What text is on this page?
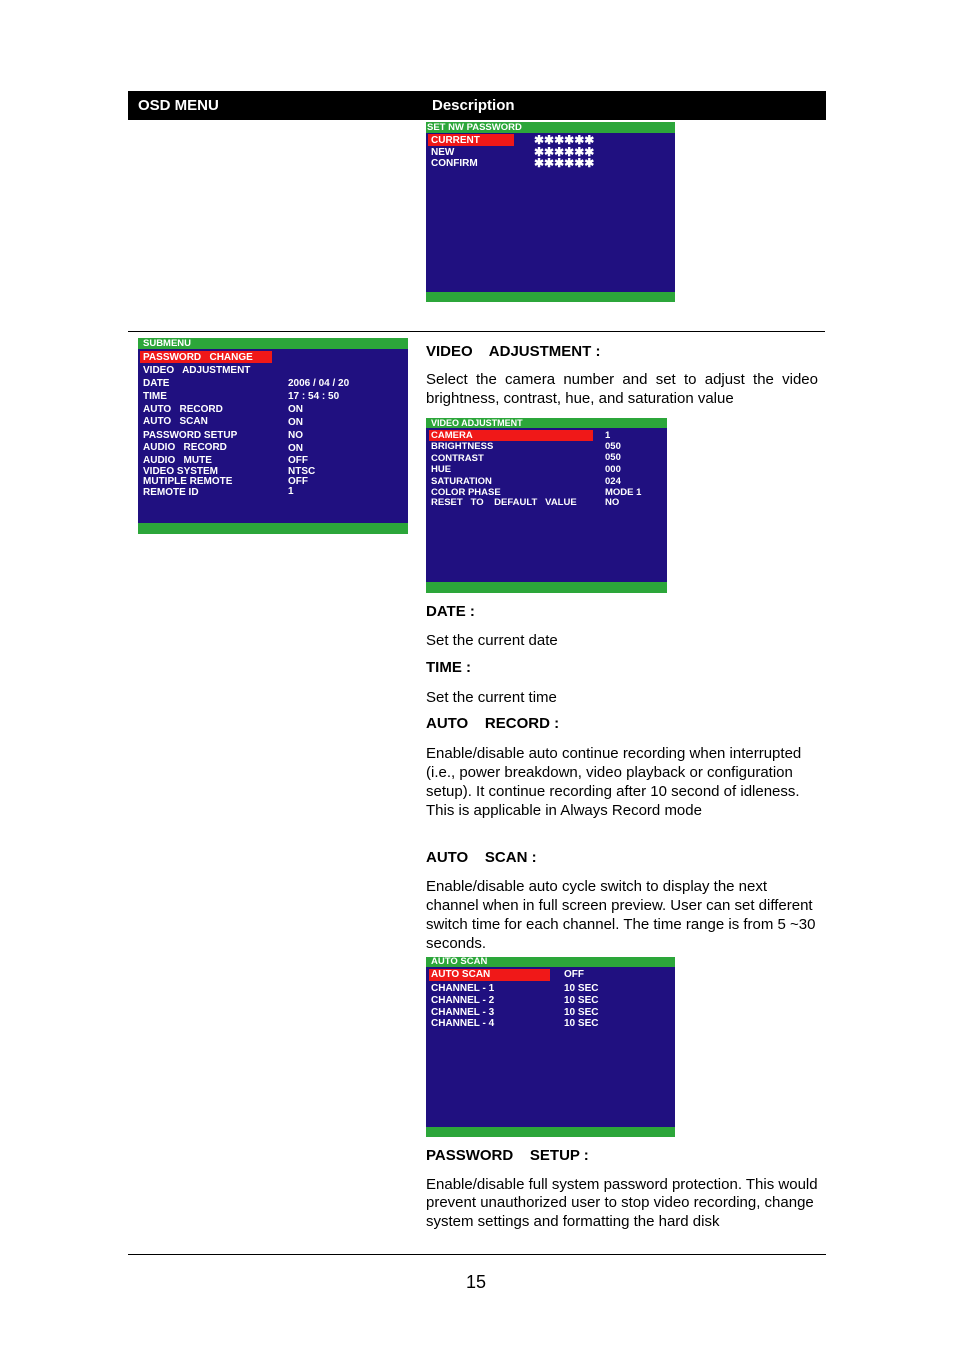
OSD MENU	Description
SET NW PASSWORD
CURRENT	✱✱✱✱✱✱
NEW	✱✱✱✱✱✱
CONFIRM	✱✱✱✱✱✱
SUBMENU
PASSWORD   CHANGE
VIDEO   ADJUSTMENT
DATE	2006 / 04 / 20
TIME	17 : 54 : 50
AUTO   RECORD	ON
AUTO   SCAN	ON
PASSWORD SETUP	NO
AUDIO   RECORD	ON
AUDIO   MUTE	OFF
VIDEO SYSTEM	NTSC
MUTIPLE REMOTE	OFF
REMOTE ID	1
VIDEO    ADJUSTMENT :
Select the camera number and set to adjust the video brightness, contrast, hue, and saturation value
VIDEO ADJUSTMENT
CAMERA	1
BRIGHTNESS	050
CONTRAST	050
HUE	000
SATURATION	024
COLOR PHASE	MODE 1
RESET   TO    DEFAULT   VALUE	NO
DATE :
Set the current date
TIME :
Set the current time
AUTO    RECORD :
Enable/disable auto continue recording when interrupted (i.e., power breakdown, video playback or configuration setup). It continue recording after 10 second of idleness. This is applicable in Always Record mode
AUTO    SCAN :
Enable/disable auto cycle switch to display the next channel when in full screen preview. User can set different switch time for each channel. The time range is from 5 ~30 seconds.
AUTO SCAN
AUTO SCAN	OFF
CHANNEL - 1	10 SEC
CHANNEL - 2	10 SEC
CHANNEL - 3	10 SEC
CHANNEL - 4	10 SEC
PASSWORD    SETUP :
Enable/disable full system password protection. This would prevent unauthorized user to stop video recording, change system settings and formatting the hard disk
15
